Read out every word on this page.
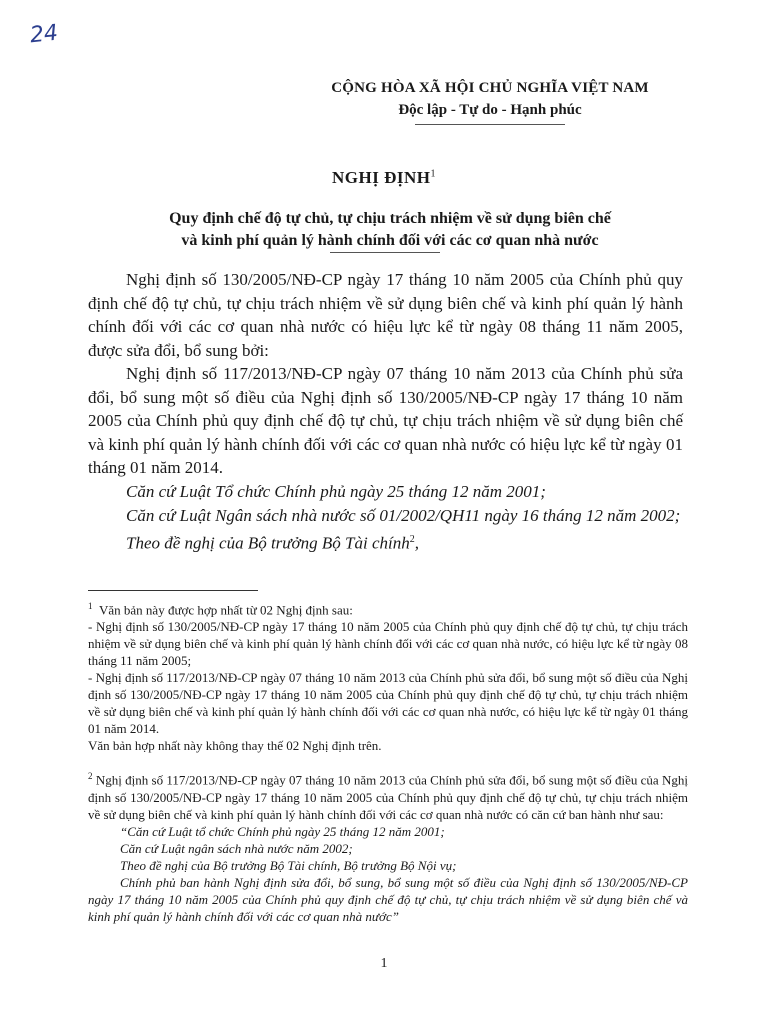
24
CỘNG HÒA XÃ HỘI CHỦ NGHĨA VIỆT NAM
Độc lập - Tự do - Hạnh phúc
NGHỊ ĐỊNH$^1$
Quy định chế độ tự chủ, tự chịu trách nhiệm về sử dụng biên chế
và kinh phí quản lý hành chính đối với các cơ quan nhà nước

Nghị định số 130/2005/NĐ-CP ngày 17 tháng 10 năm 2005 của Chính phủ quy định chế độ tự chủ, tự chịu trách nhiệm về sử dụng biên chế và kinh phí quản lý hành chính đối với các cơ quan nhà nước có hiệu lực kể từ ngày 08 tháng 11 năm 2005, được sửa đổi, bổ sung bởi:

Nghị định số 117/2013/NĐ-CP ngày 07 tháng 10 năm 2013 của Chính phủ sửa đổi, bổ sung một số điều của Nghị định số 130/2005/NĐ-CP ngày 17 tháng 10 năm 2005 của Chính phủ quy định chế độ tự chủ, tự chịu trách nhiệm về sử dụng biên chế và kinh phí quản lý hành chính đối với các cơ quan nhà nước có hiệu lực kể từ ngày 01 tháng 01 năm 2014.

Căn cứ Luật Tổ chức Chính phủ ngày 25 tháng 12 năm 2001;

Căn cứ Luật Ngân sách nhà nước số 01/2002/QH11 ngày 16 tháng 12 năm 2002;

Theo đề nghị của Bộ trưởng Bộ Tài chính$^2$,

$^1$ Văn bản này được hợp nhất từ 02 Nghị định sau:

- Nghị định số 130/2005/NĐ-CP ngày 17 tháng 10 năm 2005 của Chính phủ quy định chế độ tự chủ, tự chịu trách nhiệm về sử dụng biên chế và kinh phí quản lý hành chính đối với các cơ quan nhà nước, có hiệu lực kể từ ngày 08 tháng 11 năm 2005;

- Nghị định số 117/2013/NĐ-CP ngày 07 tháng 10 năm 2013 của Chính phủ sửa đổi, bổ sung một số điều của Nghị định số 130/2005/NĐ-CP ngày 17 tháng 10 năm 2005 của Chính phủ quy định chế độ tự chủ, tự chịu trách nhiệm về sử dụng biên chế và kinh phí quản lý hành chính đối với các cơ quan nhà nước, có hiệu lực kể từ ngày 01 tháng 01 năm 2014.

Văn bản hợp nhất này không thay thế 02 Nghị định trên.

$^2$ Nghị định số 117/2013/NĐ-CP ngày 07 tháng 10 năm 2013 của Chính phủ sửa đổi, bổ sung một số điều của Nghị định số 130/2005/NĐ-CP ngày 17 tháng 10 năm 2005 của Chính phủ quy định chế độ tự chủ, tự chịu trách nhiệm về sử dụng biên chế và kinh phí quản lý hành chính đối với các cơ quan nhà nước có căn cứ ban hành như sau:

“Căn cứ Luật tổ chức Chính phủ ngày 25 tháng 12 năm 2001;

Căn cứ Luật ngân sách nhà nước năm 2002;

Theo đề nghị của Bộ trưởng Bộ Tài chính, Bộ trưởng Bộ Nội vụ;

Chính phủ ban hành Nghị định sửa đổi, bổ sung, bổ sung một số điều của Nghị định số 130/2005/NĐ-CP ngày 17 tháng 10 năm 2005 của Chính phủ quy định chế độ tự chủ, tự chịu trách nhiệm về sử dụng biên chế và kinh phí quản lý hành chính đối với các cơ quan nhà nước”

1
